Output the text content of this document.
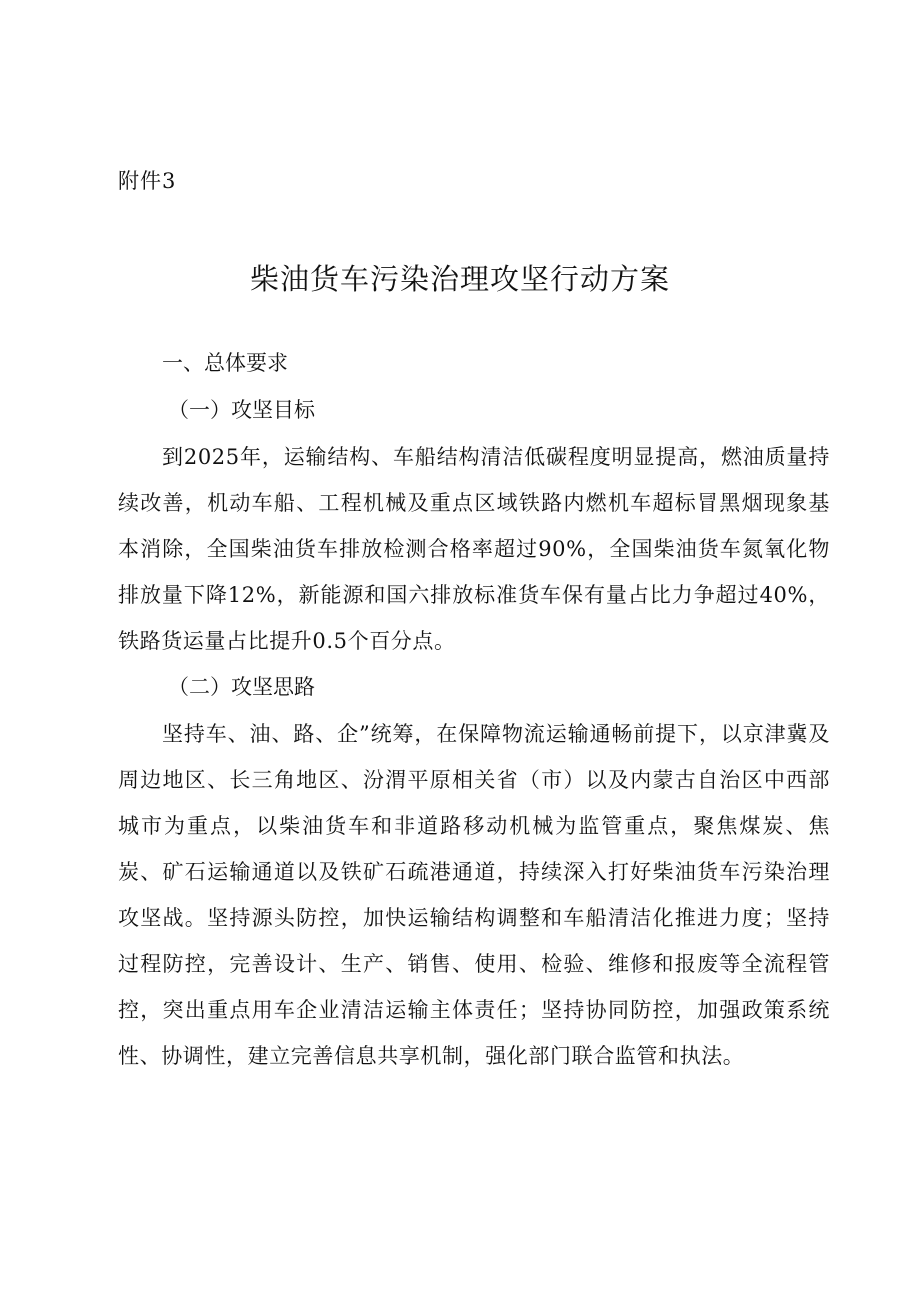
附件3
柴油货车污染治理攻坚行动方案
一、总体要求
（一）攻坚目标

到2025年，运输结构、车船结构清洁低碳程度明显提高，燃油质量持续改善，机动车船、工程机械及重点区域铁路内燃机车超标冒黑烟现象基本消除，全国柴油货车排放检测合格率超过90%，全国柴油货车氮氧化物排放量下降12%，新能源和国六排放标准货车保有量占比力争超过40%，铁路货运量占比提升0.5个百分点。

（二）攻坚思路

坚持车、油、路、企”统筹，在保障物流运输通畅前提下，以京津冀及周边地区、长三角地区、汾渭平原相关省（市）以及内蒙古自治区中西部城市为重点，以柴油货车和非道路移动机械为监管重点，聚焦煤炭、焦炭、矿石运输通道以及铁矿石疏港通道，持续深入打好柴油货车污染治理攻坚战。坚持源头防控，加快运输结构调整和车船清洁化推进力度；坚持过程防控，完善设计、生产、销售、使用、检验、维修和报废等全流程管控，突出重点用车企业清洁运输主体责任；坚持协同防控，加强政策系统性、协调性，建立完善信息共享机制，强化部门联合监管和执法。
